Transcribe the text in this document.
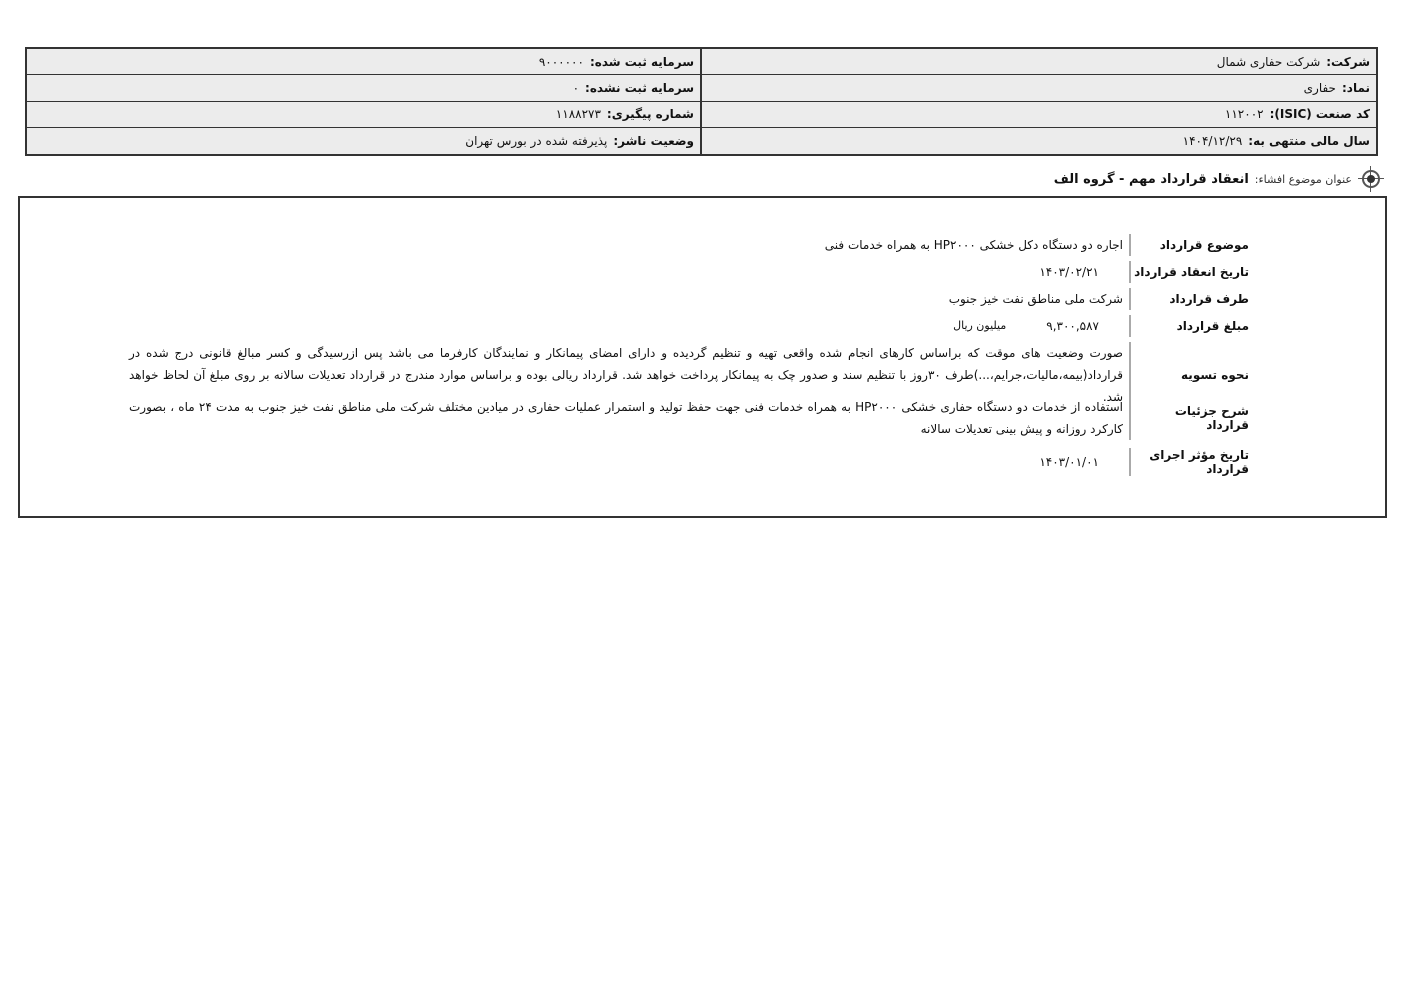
شرکت:
شرکت حفاری شمال
سرمایه ثبت شده:
۹۰۰۰۰۰۰
نماد:
حفاری
سرمایه ثبت نشده:
۰
کد صنعت (ISIC):
۱۱۲۰۰۲
شماره پیگیری:
۱۱۸۸۲۷۳
سال مالی منتهی به:
۱۴۰۴/۱۲/۲۹
وضعیت ناشر:
پذیرفته شده در بورس تهران
عنوان موضوع افشاء:
انعقاد قرارداد مهم - گروه الف
موضوع قرارداد
اجاره دو دستگاه دکل خشکی HP۲۰۰۰ به همراه خدمات فنی
تاریخ انعقاد قرارداد
۱۴۰۳/۰۲/۲۱
طرف قرارداد
شرکت ملی مناطق نفت خیز جنوب
مبلغ قرارداد
۹,۳۰۰,۵۸۷
میلیون ریال
نحوه تسویه
صورت وضعیت های موقت که براساس کارهای انجام شده واقعی تهیه و تنظیم گردیده و دارای امضای پیمانکار و نمایندگان کارفرما می باشد پس ازرسیدگی و کسر مبالغ قانونی درج شده در قرارداد(بیمه،مالیات،جرایم،...)طرف ۳۰روز با تنظیم سند و صدور چک به پیمانکار پرداخت خواهد شد. قرارداد ریالی بوده و براساس موارد مندرج در قرارداد تعدیلات سالانه بر روی مبلغ آن لحاظ خواهد شد.
شرح جزئیات قرارداد
استفاده از خدمات دو دستگاه حفاری خشکی HP۲۰۰۰ به همراه خدمات فنی جهت حفظ تولید و استمرار عملیات حفاری در میادین مختلف شرکت ملی مناطق نفت خیز جنوب به مدت ۲۴ ماه ، بصورت کارکرد روزانه و پیش بینی تعدیلات سالانه
تاریخ مؤثر اجرای قرارداد
۱۴۰۳/۰۱/۰۱
